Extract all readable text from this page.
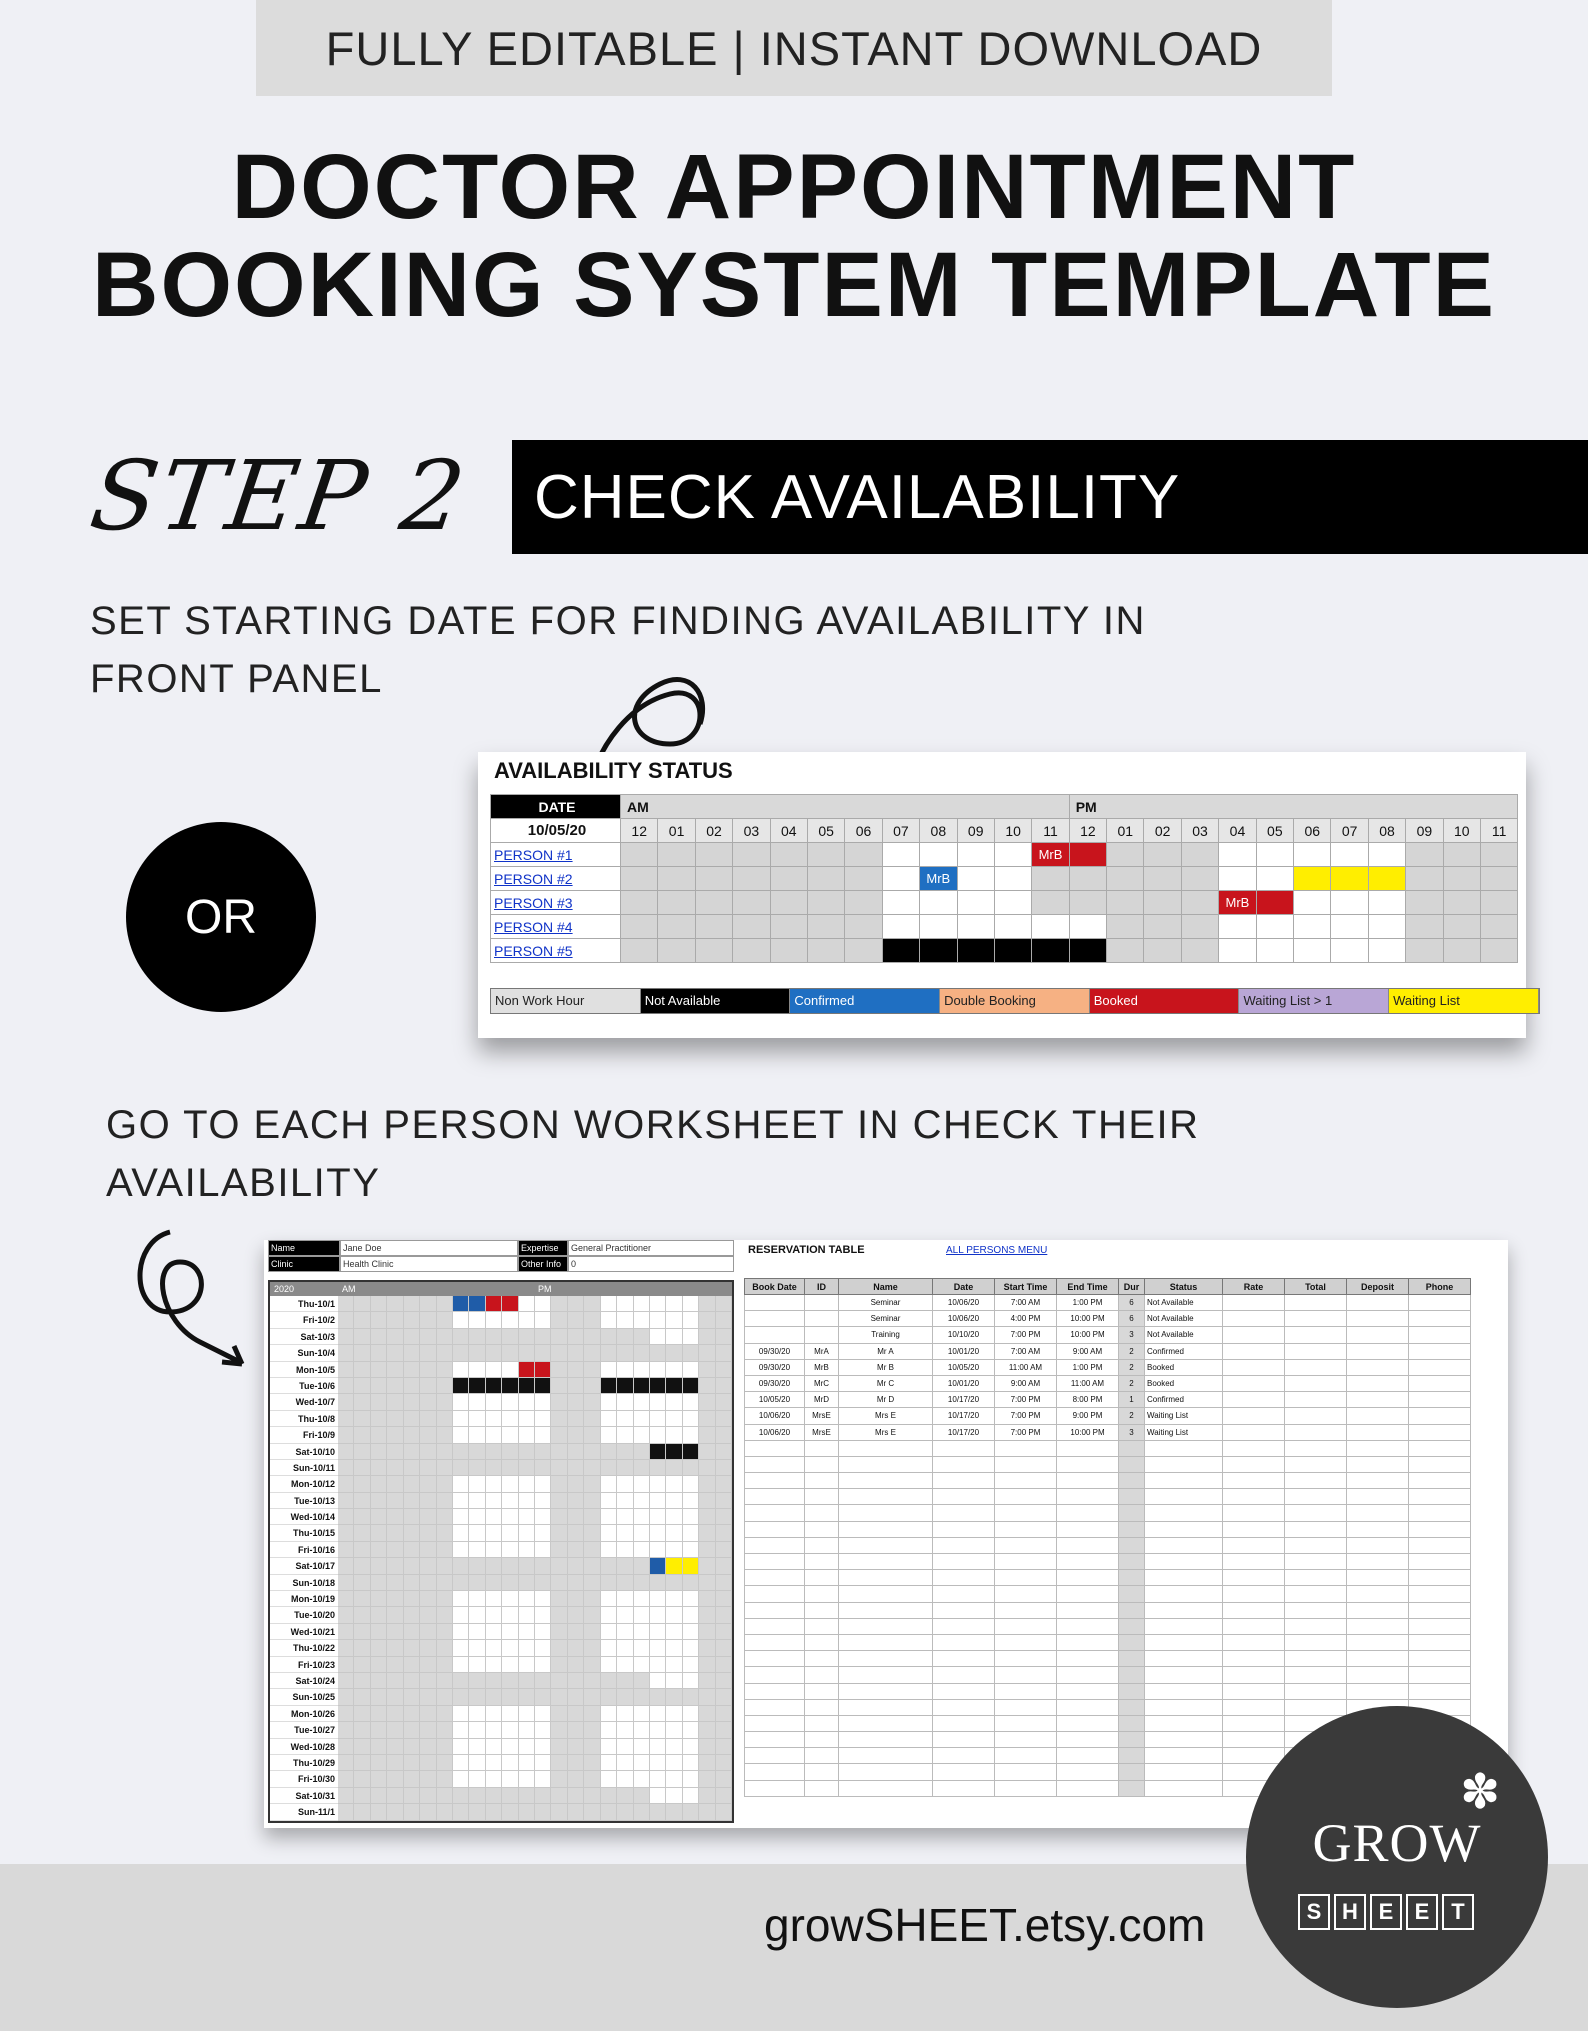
FULLY EDITABLE | INSTANT DOWNLOAD
DOCTOR APPOINTMENT
BOOKING SYSTEM TEMPLATE
STEP 2 CHECK AVAILABILITY
SET STARTING DATE FOR FINDING AVAILABILITY IN FRONT PANEL
OR
AVAILABILITY STATUS
DATE	AM												PM											
10/05/20	12	01	02	03	04	05	06	07	08	09	10	11	12	01	02	03	04	05	06	07	08	09	10	11
PERSON #1												MrB												
PERSON #2									MrB															
PERSON #3																	MrB							
PERSON #4																								
PERSON #5																								

Non Work Hour	Not Available	Confirmed	Double Booking	Booked	Waiting List > 1	Waiting List
GO TO EACH PERSON WORKSHEET IN CHECK THEIR AVAILABILITY
Name	Jane Doe	Expertise	General Practitioner
Clinic	Health Clinic	Other Info	0
2020	AM	PM
Thu-10/1
Fri-10/2
Sat-10/3
Sun-10/4
Mon-10/5
Tue-10/6
Wed-10/7
Thu-10/8
Fri-10/9
Sat-10/10
Sun-10/11
Mon-10/12
Tue-10/13
Wed-10/14
Thu-10/15
Fri-10/16
Sat-10/17
Sun-10/18
Mon-10/19
Tue-10/20
Wed-10/21
Thu-10/22
Fri-10/23
Sat-10/24
Sun-10/25
Mon-10/26
Tue-10/27
Wed-10/28
Thu-10/29
Fri-10/30
Sat-10/31
Sun-11/1
RESERVATION TABLE	ALL PERSONS MENU
Book Date	ID	Name	Date	Start Time	End Time	Dur	Status	Rate	Total	Deposit	Phone
		Seminar	10/06/20	7:00 AM	1:00 PM	6	Not Available				
		Seminar	10/06/20	4:00 PM	10:00 PM	6	Not Available				
		Training	10/10/20	7:00 PM	10:00 PM	3	Not Available				
09/30/20	MrA	Mr A	10/01/20	7:00 AM	9:00 AM	2	Confirmed				
09/30/20	MrB	Mr B	10/05/20	11:00 AM	1:00 PM	2	Booked				
09/30/20	MrC	Mr C	10/01/20	9:00 AM	11:00 AM	2	Booked				
10/05/20	MrD	Mr D	10/17/20	7:00 PM	8:00 PM	1	Confirmed				
10/06/20	MrsE	Mrs E	10/17/20	7:00 PM	9:00 PM	2	Waiting List				
10/06/20	MrsE	Mrs E	10/17/20	7:00 PM	10:00 PM	3	Waiting List				

growSHEET.etsy.com
✽
GROW
S H E E T
